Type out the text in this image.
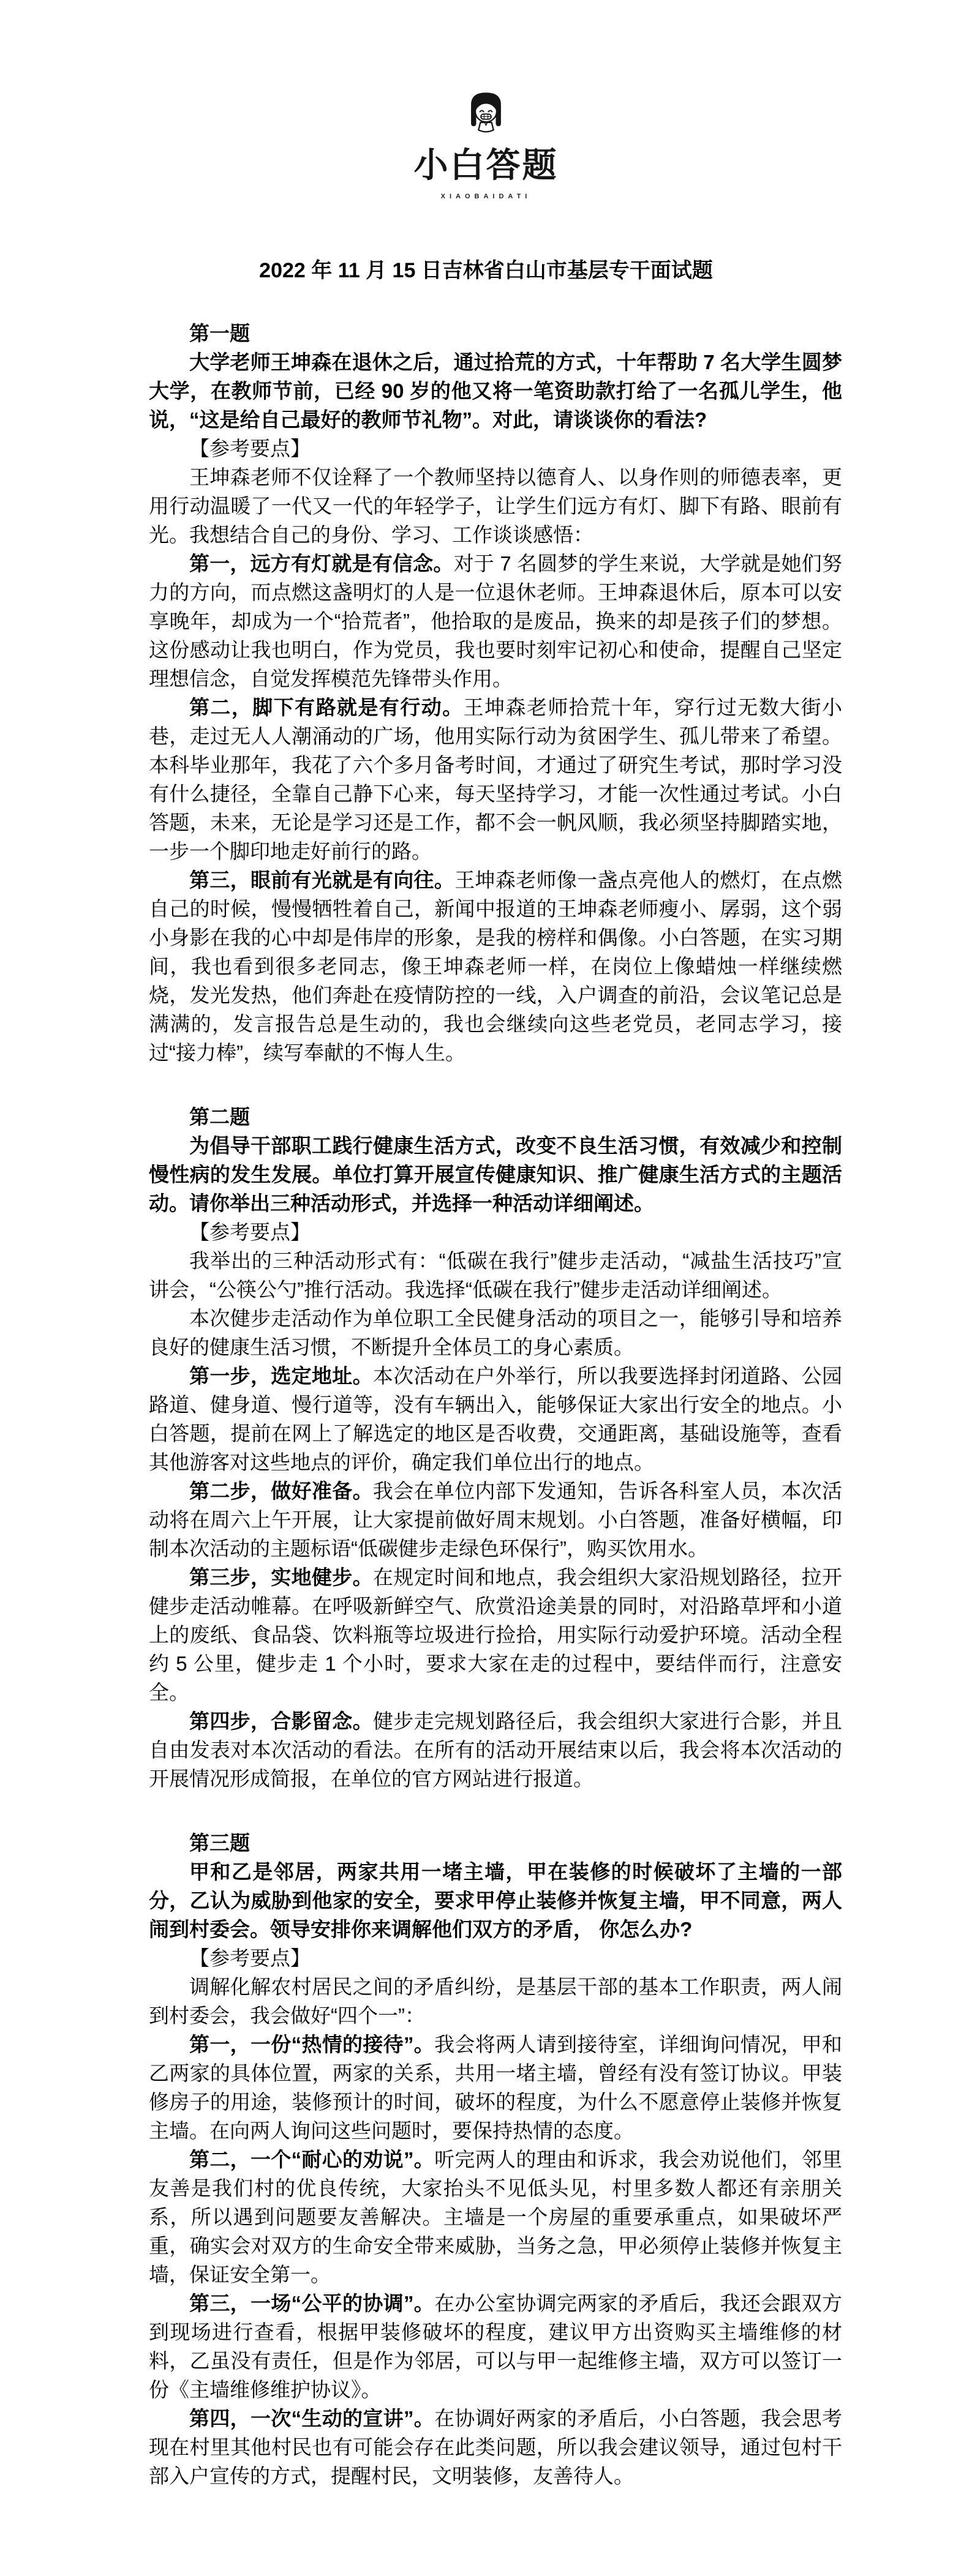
小白答题
XIAOBAIDATI
2022 年 11 月 15 日吉林省白山市基层专干面试题
第一题

大学老师王坤森在退休之后，通过拾荒的方式，十年帮助 7 名大学生圆梦大学，在教师节前，已经 90 岁的他又将一笔资助款打给了一名孤儿学生，他说，“这是给自己最好的教师节礼物”。对此，请谈谈你的看法?

【参考要点】

王坤森老师不仅诠释了一个教师坚持以德育人、以身作则的师德表率，更用行动温暖了一代又一代的年轻学子，让学生们远方有灯、脚下有路、眼前有光。我想结合自己的身份、学习、工作谈谈感悟：

第一，远方有灯就是有信念。对于 7 名圆梦的学生来说，大学就是她们努力的方向，而点燃这盏明灯的人是一位退休老师。王坤森退休后，原本可以安享晚年，却成为一个“拾荒者”，他拾取的是废品，换来的却是孩子们的梦想。这份感动让我也明白，作为党员，我也要时刻牢记初心和使命，提醒自己坚定理想信念，自觉发挥模范先锋带头作用。

第二，脚下有路就是有行动。王坤森老师拾荒十年，穿行过无数大街小巷，走过无人人潮涌动的广场，他用实际行动为贫困学生、孤儿带来了希望。本科毕业那年，我花了六个多月备考时间，才通过了研究生考试，那时学习没有什么捷径，全靠自己静下心来，每天坚持学习，才能一次性通过考试。小白答题，未来，无论是学习还是工作，都不会一帆风顺，我必须坚持脚踏实地，一步一个脚印地走好前行的路。

第三，眼前有光就是有向往。王坤森老师像一盏点亮他人的燃灯，在点燃自己的时候，慢慢牺牲着自己，新闻中报道的王坤森老师瘦小、孱弱，这个弱小身影在我的心中却是伟岸的形象，是我的榜样和偶像。小白答题，在实习期间，我也看到很多老同志，像王坤森老师一样，在岗位上像蜡烛一样继续燃烧，发光发热，他们奔赴在疫情防控的一线，入户调查的前沿，会议笔记总是满满的，发言报告总是生动的，我也会继续向这些老党员，老同志学习，接过“接力棒”，续写奉献的不悔人生。

第二题

为倡导干部职工践行健康生活方式，改变不良生活习惯，有效减少和控制慢性病的发生发展。单位打算开展宣传健康知识、推广健康生活方式的主题活动。请你举出三种活动形式，并选择一种活动详细阐述。

【参考要点】

我举出的三种活动形式有：“低碳在我行”健步走活动，“减盐生活技巧”宣讲会，“公筷公勺”推行活动。我选择“低碳在我行”健步走活动详细阐述。

本次健步走活动作为单位职工全民健身活动的项目之一，能够引导和培养良好的健康生活习惯，不断提升全体员工的身心素质。

第一步，选定地址。本次活动在户外举行，所以我要选择封闭道路、公园路道、健身道、慢行道等，没有车辆出入，能够保证大家出行安全的地点。小白答题，提前在网上了解选定的地区是否收费，交通距离，基础设施等，查看其他游客对这些地点的评价，确定我们单位出行的地点。

第二步，做好准备。我会在单位内部下发通知，告诉各科室人员，本次活动将在周六上午开展，让大家提前做好周末规划。小白答题，准备好横幅，印制本次活动的主题标语“低碳健步走绿色环保行”，购买饮用水。

第三步，实地健步。在规定时间和地点，我会组织大家沿规划路径，拉开健步走活动帷幕。在呼吸新鲜空气、欣赏沿途美景的同时，对沿路草坪和小道上的废纸、食品袋、饮料瓶等垃圾进行捡拾，用实际行动爱护环境。活动全程约 5 公里，健步走 1 个小时，要求大家在走的过程中，要结伴而行，注意安全。

第四步，合影留念。健步走完规划路径后，我会组织大家进行合影，并且自由发表对本次活动的看法。在所有的活动开展结束以后，我会将本次活动的开展情况形成简报，在单位的官方网站进行报道。

第三题

甲和乙是邻居，两家共用一堵主墙，甲在装修的时候破坏了主墙的一部分，乙认为威胁到他家的安全，要求甲停止装修并恢复主墙，甲不同意，两人闹到村委会。领导安排你来调解他们双方的矛盾， 你怎么办?

【参考要点】

调解化解农村居民之间的矛盾纠纷，是基层干部的基本工作职责，两人闹到村委会，我会做好“四个一”：

第一，一份“热情的接待”。我会将两人请到接待室，详细询问情况，甲和乙两家的具体位置，两家的关系，共用一堵主墙，曾经有没有签订协议。甲装修房子的用途，装修预计的时间，破坏的程度，为什么不愿意停止装修并恢复主墙。在向两人询问这些问题时，要保持热情的态度。

第二，一个“耐心的劝说”。听完两人的理由和诉求，我会劝说他们，邻里友善是我们村的优良传统，大家抬头不见低头见，村里多数人都还有亲朋关系，所以遇到问题要友善解决。主墙是一个房屋的重要承重点，如果破坏严重，确实会对双方的生命安全带来威胁，当务之急，甲必须停止装修并恢复主墙，保证安全第一。

第三，一场“公平的协调”。在办公室协调完两家的矛盾后，我还会跟双方到现场进行查看，根据甲装修破坏的程度，建议甲方出资购买主墙维修的材料，乙虽没有责任，但是作为邻居，可以与甲一起维修主墙，双方可以签订一份《主墙维修维护协议》。

第四，一次“生动的宣讲”。在协调好两家的矛盾后，小白答题，我会思考现在村里其他村民也有可能会存在此类问题，所以我会建议领导，通过包村干部入户宣传的方式，提醒村民，文明装修，友善待人。
